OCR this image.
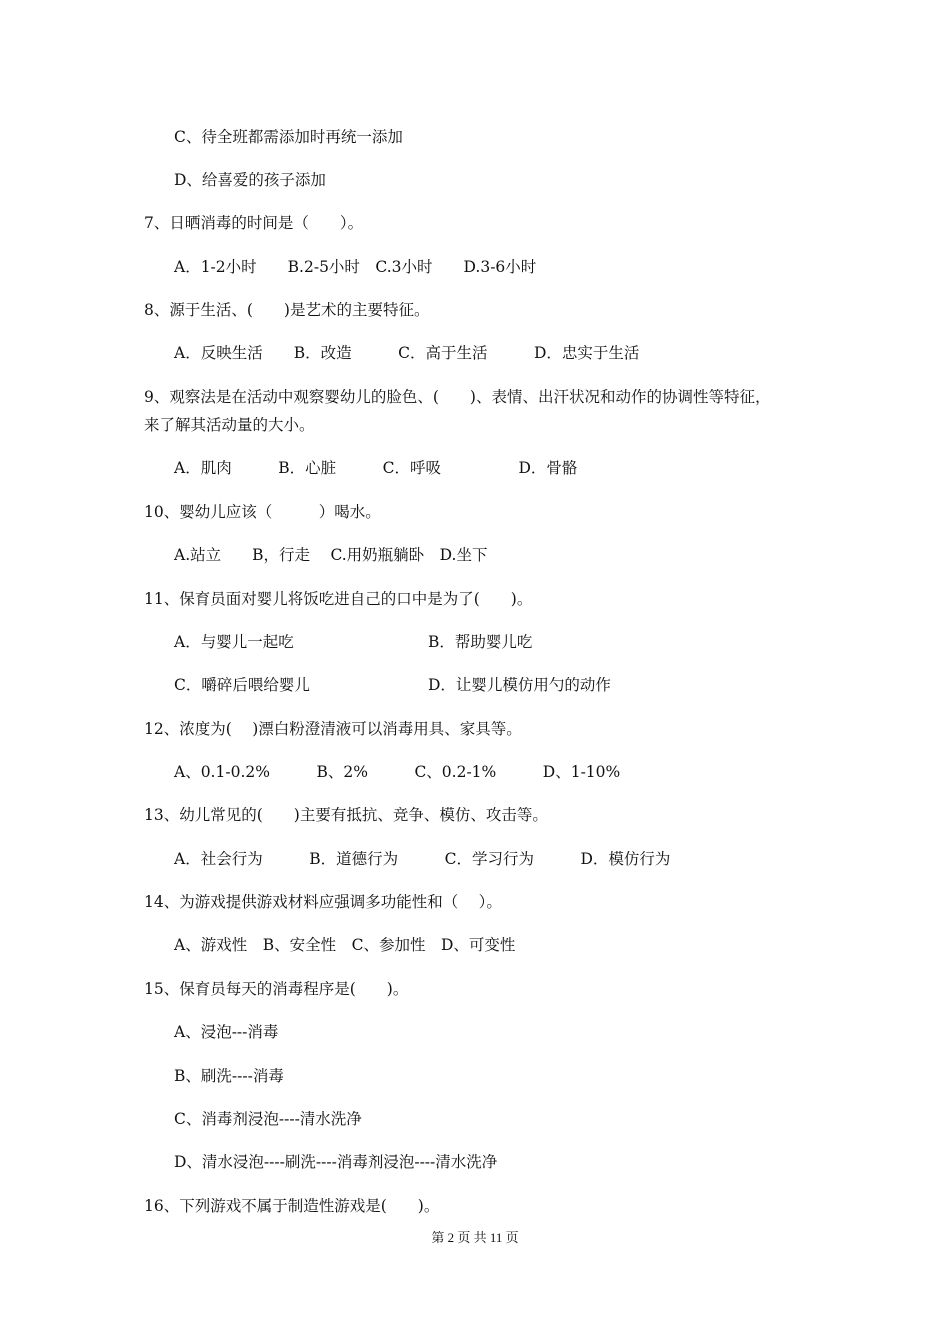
C、待全班都需添加时再统一添加
D、给喜爱的孩子添加
7、日晒消毒的时间是（　　）。
A．1-2小时　　B.2-5小时　C.3小时　　D.3-6小时
8、源于生活、(　　)是艺术的主要特征。
A．反映生活　　B．改造　　　C．高于生活　　　D．忠实于生活
9、观察法是在活动中观察婴幼儿的脸色、(　　)、表情、出汗状况和动作的协调性等特征，
来了解其活动量的大小。
A．肌肉　　　B．心脏　　　C．呼吸　　　　　D．骨骼
10、婴幼儿应该（　　　）喝水。
A.站立　　B，行走　 C.用奶瓶躺卧　D.坐下
11、保育员面对婴儿将饭吃进自己的口中是为了(　　)。
A．与婴儿一起吃	B．帮助婴儿吃
C．嚼碎后喂给婴儿	D．让婴儿模仿用勺的动作
12、浓度为(　 )漂白粉澄清液可以消毒用具、家具等。
A、0.1-0.2%　　　B、2%　　　C、0.2-1%　　　D、1-10%
13、幼儿常见的(　　)主要有抵抗、竞争、模仿、攻击等。
A．社会行为　　　B．道德行为　　　C．学习行为　　　D．模仿行为
14、为游戏提供游戏材料应强调多功能性和（　 ）。
A、游戏性　B、安全性　C、参加性　D、可变性
15、保育员每天的消毒程序是(　　)。
A、浸泡---消毒
B、刷洗----消毒
C、消毒剂浸泡----清水洗净
D、清水浸泡----刷洗----消毒剂浸泡----清水洗净
16、下列游戏不属于制造性游戏是(　　)。
第 2 页 共 11 页
